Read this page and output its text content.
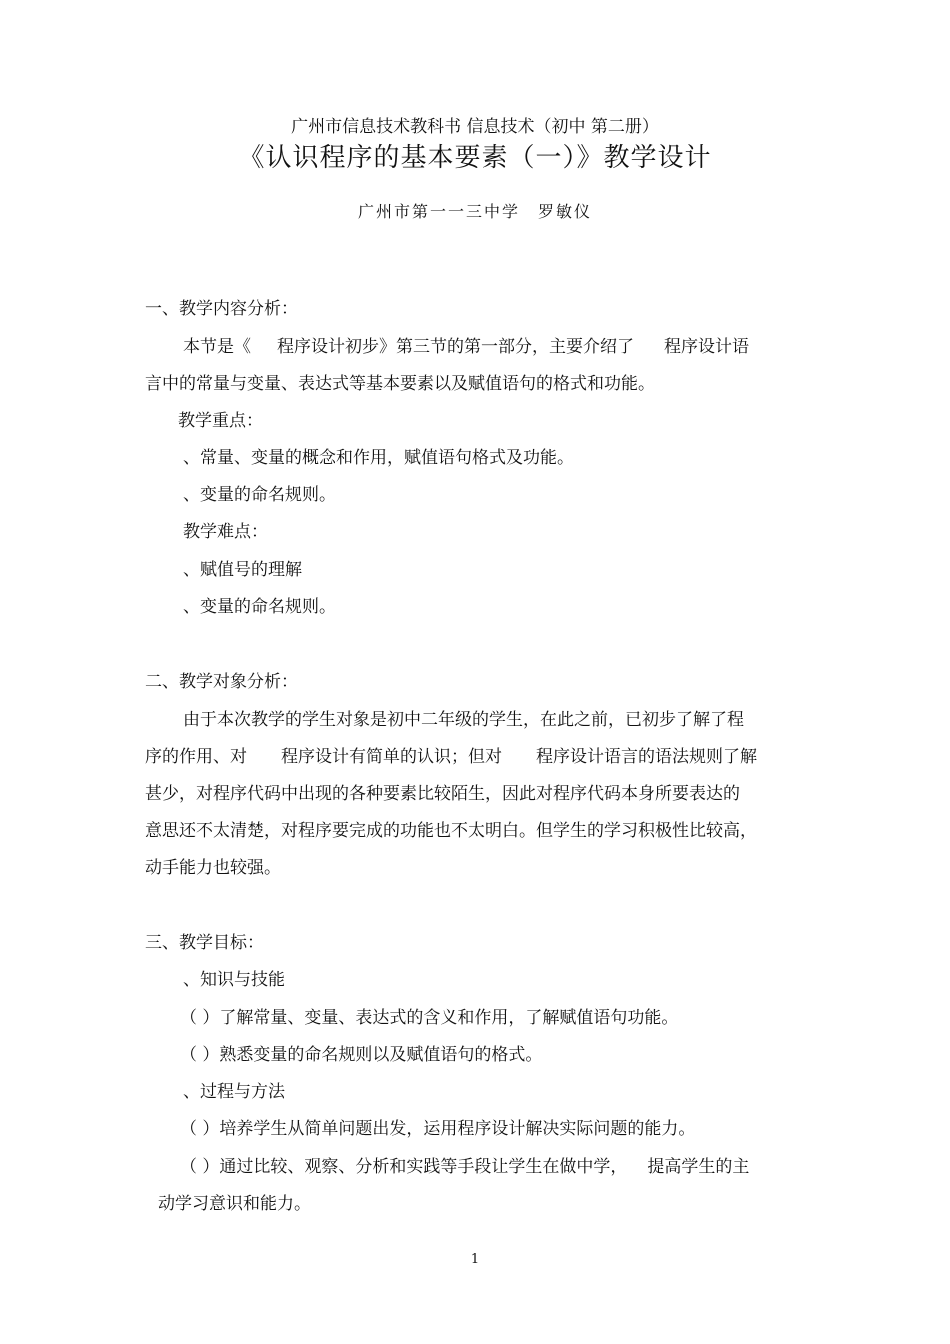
广州市信息技术教科书 信息技术（初中 第二册）
《认识程序的基本要素（一）》教学设计
广州市第一一三中学　罗敏仪
一、教学内容分析：
本节是《 程序设计初步》第三节的第一部分，主要介绍了 程序设计语
言中的常量与变量、表达式等基本要素以及赋值语句的格式和功能。
教学重点：
、常量、变量的概念和作用，赋值语句格式及功能。
、变量的命名规则。
教学难点：
、赋值号的理解
、变量的命名规则。
二、教学对象分析：
由于本次教学的学生对象是初中二年级的学生，在此之前，已初步了解了程
序的作用、对 程序设计有简单的认识；但对 程序设计语言的语法规则了解
甚少，对程序代码中出现的各种要素比较陌生，因此对程序代码本身所要表达的
意思还不太清楚，对程序要完成的功能也不太明白。但学生的学习积极性比较高，
动手能力也较强。
三、教学目标：
、知识与技能
（ ）了解常量、变量、表达式的含义和作用，了解赋值语句功能。
（ ）熟悉变量的命名规则以及赋值语句的格式。
、过程与方法
（ ）培养学生从简单问题出发，运用程序设计解决实际问题的能力。
（ ）通过比较、观察、分析和实践等手段让学生在做中学， 提高学生的主
动学习意识和能力。
1
